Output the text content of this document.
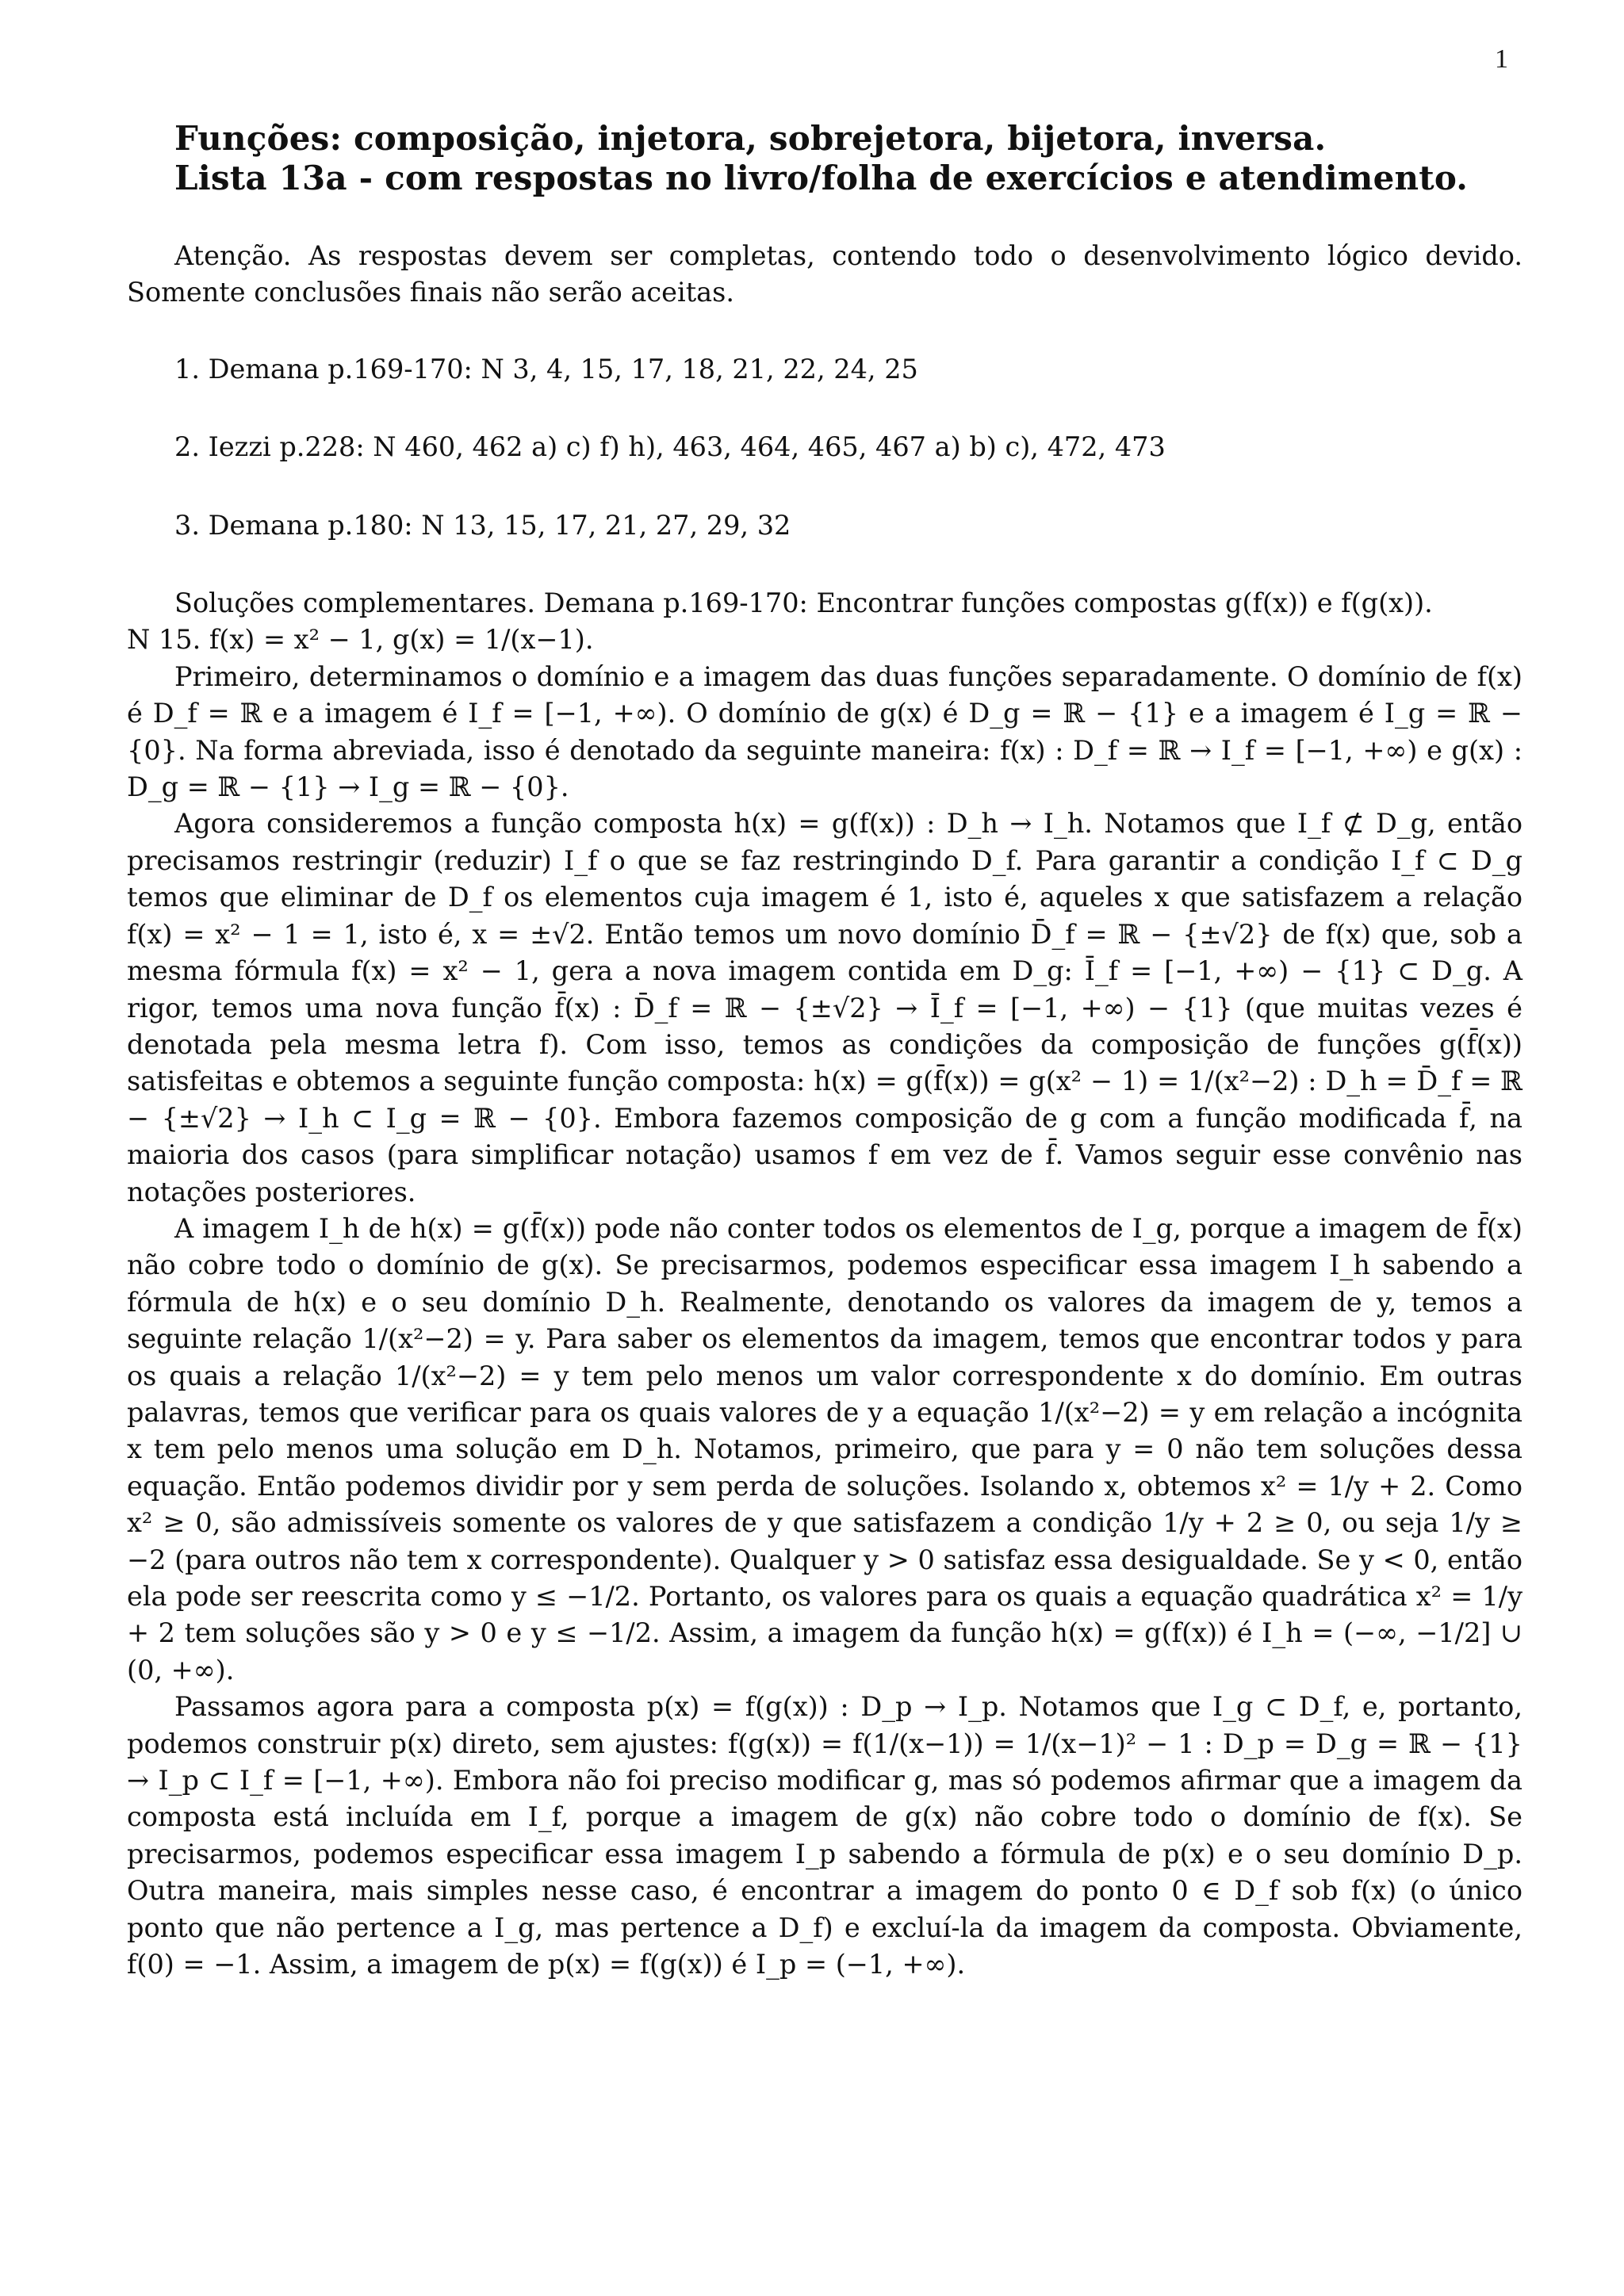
1
Funções: composição, injetora, sobrejetora, bijetora, inversa.
Lista 13a - com respostas no livro/folha de exercícios e atendimento.

Atenção. As respostas devem ser completas, contendo todo o desenvolvimento lógico devido. Somente conclusões finais não serão aceitas.

1. Demana p.169-170: N 3, 4, 15, 17, 18, 21, 22, 24, 25
2. Iezzi p.228: N 460, 462 a) c) f) h), 463, 464, 465, 467 a) b) c), 472, 473
3. Demana p.180: N 13, 15, 17, 21, 27, 29, 32

Soluções complementares. Demana p.169-170: Encontrar funções compostas g(f(x)) e f(g(x)).

N 15. f(x) = x² − 1, g(x) = 1/(x−1).

Primeiro, determinamos o domínio e a imagem das duas funções separadamente. O domínio de f(x) é D_f = ℝ e a imagem é I_f = [−1, +∞). O domínio de g(x) é D_g = ℝ − {1} e a imagem é I_g = ℝ − {0}. Na forma abreviada, isso é denotado da seguinte maneira: f(x) : D_f = ℝ → I_f = [−1, +∞) e g(x) : D_g = ℝ − {1} → I_g = ℝ − {0}.

Agora consideremos a função composta h(x) = g(f(x)) : D_h → I_h. Notamos que I_f ⊄ D_g, então precisamos restringir (reduzir) I_f o que se faz restringindo D_f. Para garantir a condição I_f ⊂ D_g temos que eliminar de D_f os elementos cuja imagem é 1, isto é, aqueles x que satisfazem a relação f(x) = x² − 1 = 1, isto é, x = ±√2. Então temos um novo domínio D̄_f = ℝ − {±√2} de f(x) que, sob a mesma fórmula f(x) = x² − 1, gera a nova imagem contida em D_g: Ī_f = [−1, +∞) − {1} ⊂ D_g. A rigor, temos uma nova função f̄(x) : D̄_f = ℝ − {±√2} → Ī_f = [−1, +∞) − {1} (que muitas vezes é denotada pela mesma letra f). Com isso, temos as condições da composição de funções g(f̄(x)) satisfeitas e obtemos a seguinte função composta: h(x) = g(f̄(x)) = g(x² − 1) = 1/(x²−2) : D_h = D̄_f = ℝ − {±√2} → I_h ⊂ I_g = ℝ − {0}. Embora fazemos composição de g com a função modificada f̄, na maioria dos casos (para simplificar notação) usamos f em vez de f̄. Vamos seguir esse convênio nas notações posteriores.

A imagem I_h de h(x) = g(f̄(x)) pode não conter todos os elementos de I_g, porque a imagem de f̄(x) não cobre todo o domínio de g(x). Se precisarmos, podemos especificar essa imagem I_h sabendo a fórmula de h(x) e o seu domínio D_h. Realmente, denotando os valores da imagem de y, temos a seguinte relação 1/(x²−2) = y. Para saber os elementos da imagem, temos que encontrar todos y para os quais a relação 1/(x²−2) = y tem pelo menos um valor correspondente x do domínio. Em outras palavras, temos que verificar para os quais valores de y a equação 1/(x²−2) = y em relação a incógnita x tem pelo menos uma solução em D_h. Notamos, primeiro, que para y = 0 não tem soluções dessa equação. Então podemos dividir por y sem perda de soluções. Isolando x, obtemos x² = 1/y + 2. Como x² ≥ 0, são admissíveis somente os valores de y que satisfazem a condição 1/y + 2 ≥ 0, ou seja 1/y ≥ −2 (para outros não tem x correspondente). Qualquer y > 0 satisfaz essa desigualdade. Se y < 0, então ela pode ser reescrita como y ≤ −1/2. Portanto, os valores para os quais a equação quadrática x² = 1/y + 2 tem soluções são y > 0 e y ≤ −1/2. Assim, a imagem da função h(x) = g(f(x)) é I_h = (−∞, −1/2] ∪ (0, +∞).

Passamos agora para a composta p(x) = f(g(x)) : D_p → I_p. Notamos que I_g ⊂ D_f, e, portanto, podemos construir p(x) direto, sem ajustes: f(g(x)) = f(1/(x−1)) = 1/(x−1)² − 1 : D_p = D_g = ℝ − {1} → I_p ⊂ I_f = [−1, +∞). Embora não foi preciso modificar g, mas só podemos afirmar que a imagem da composta está incluída em I_f, porque a imagem de g(x) não cobre todo o domínio de f(x). Se precisarmos, podemos especificar essa imagem I_p sabendo a fórmula de p(x) e o seu domínio D_p. Outra maneira, mais simples nesse caso, é encontrar a imagem do ponto 0 ∈ D_f sob f(x) (o único ponto que não pertence a I_g, mas pertence a D_f) e excluí-la da imagem da composta. Obviamente, f(0) = −1. Assim, a imagem de p(x) = f(g(x)) é I_p = (−1, +∞).
